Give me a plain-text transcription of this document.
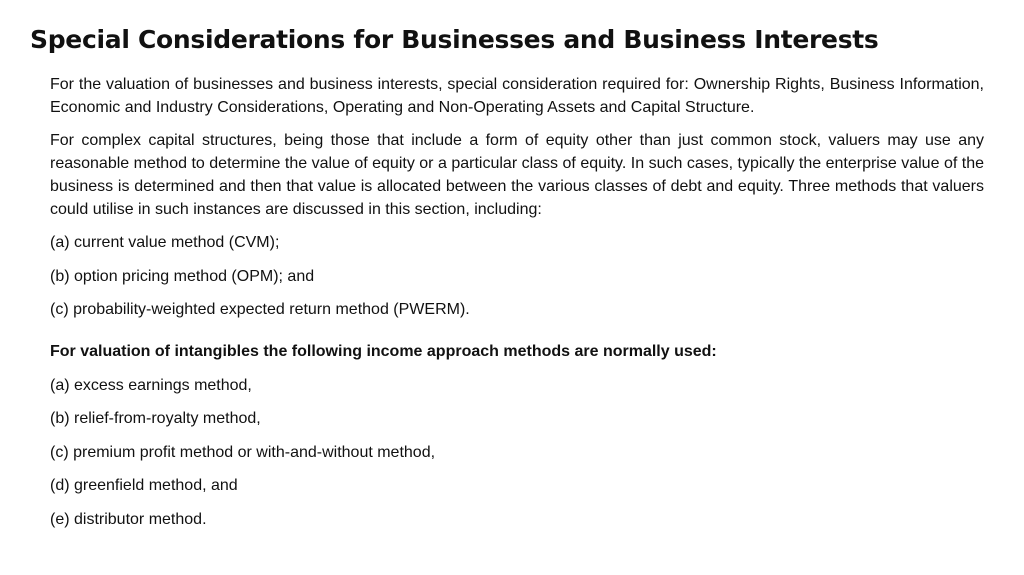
Special Considerations for Businesses and Business Interests

For the valuation of businesses and business interests, special consideration required for: Ownership Rights, Business Information, Economic and Industry Considerations, Operating and Non-Operating Assets and Capital Structure.

For complex capital structures, being those that include a form of equity other than just common stock, valuers may use any reasonable method to determine the value of equity or a particular class of equity. In such cases, typically the enterprise value of the business is determined and then that value is allocated between the various classes of debt and equity. Three methods that valuers could utilise in such instances are discussed in this section, including:

(a) current value method (CVM);

(b) option pricing method (OPM); and

(c) probability-weighted expected return method (PWERM).

For valuation of intangibles the following income approach methods are normally used:

(a) excess earnings method,

(b) relief-from-royalty method,

(c) premium profit method or with-and-without method,

(d) greenfield method, and

(e) distributor method.
